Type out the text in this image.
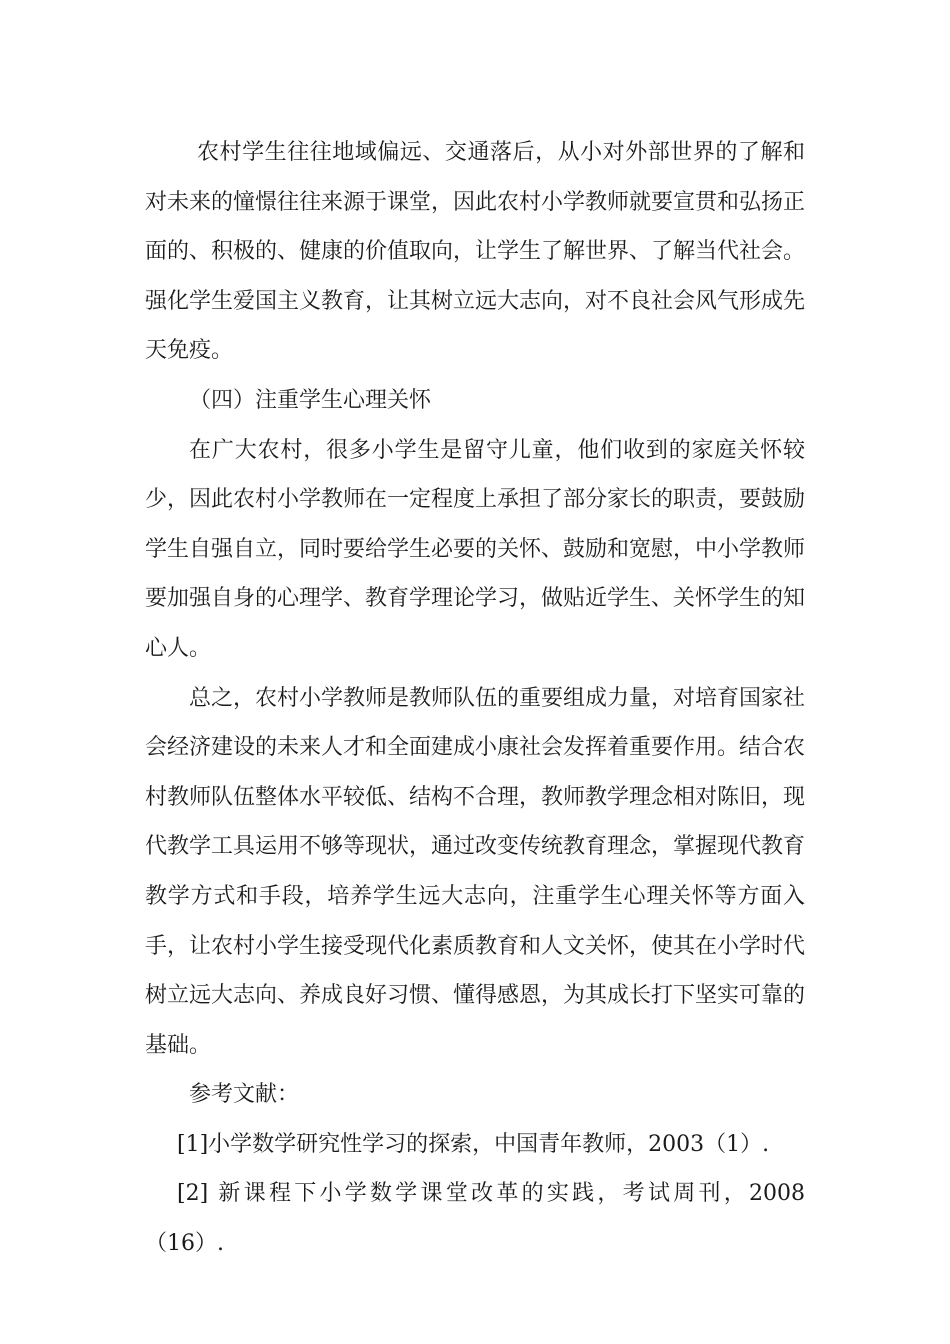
农村学生往往地域偏远、交通落后，从小对外部世界的了解和对未来的憧憬往往来源于课堂，因此农村小学教师就要宣贯和弘扬正面的、积极的、健康的价值取向，让学生了解世界、了解当代社会。强化学生爱国主义教育，让其树立远大志向，对不良社会风气形成先天免疫。

（四）注重学生心理关怀

在广大农村，很多小学生是留守儿童，他们收到的家庭关怀较少，因此农村小学教师在一定程度上承担了部分家长的职责，要鼓励学生自强自立，同时要给学生必要的关怀、鼓励和宽慰，中小学教师要加强自身的心理学、教育学理论学习，做贴近学生、关怀学生的知心人。

总之，农村小学教师是教师队伍的重要组成力量，对培育国家社会经济建设的未来人才和全面建成小康社会发挥着重要作用。结合农村教师队伍整体水平较低、结构不合理，教师教学理念相对陈旧，现代教学工具运用不够等现状，通过改变传统教育理念，掌握现代教育教学方式和手段，培养学生远大志向，注重学生心理关怀等方面入手，让农村小学生接受现代化素质教育和人文关怀，使其在小学时代树立远大志向、养成良好习惯、懂得感恩，为其成长打下坚实可靠的基础。

参考文献：

[1]小学数学研究性学习的探索，中国青年教师，2003（1）.

[2] 新课程下小学数学课堂改革的实践，考试周刊，2008（16）.
